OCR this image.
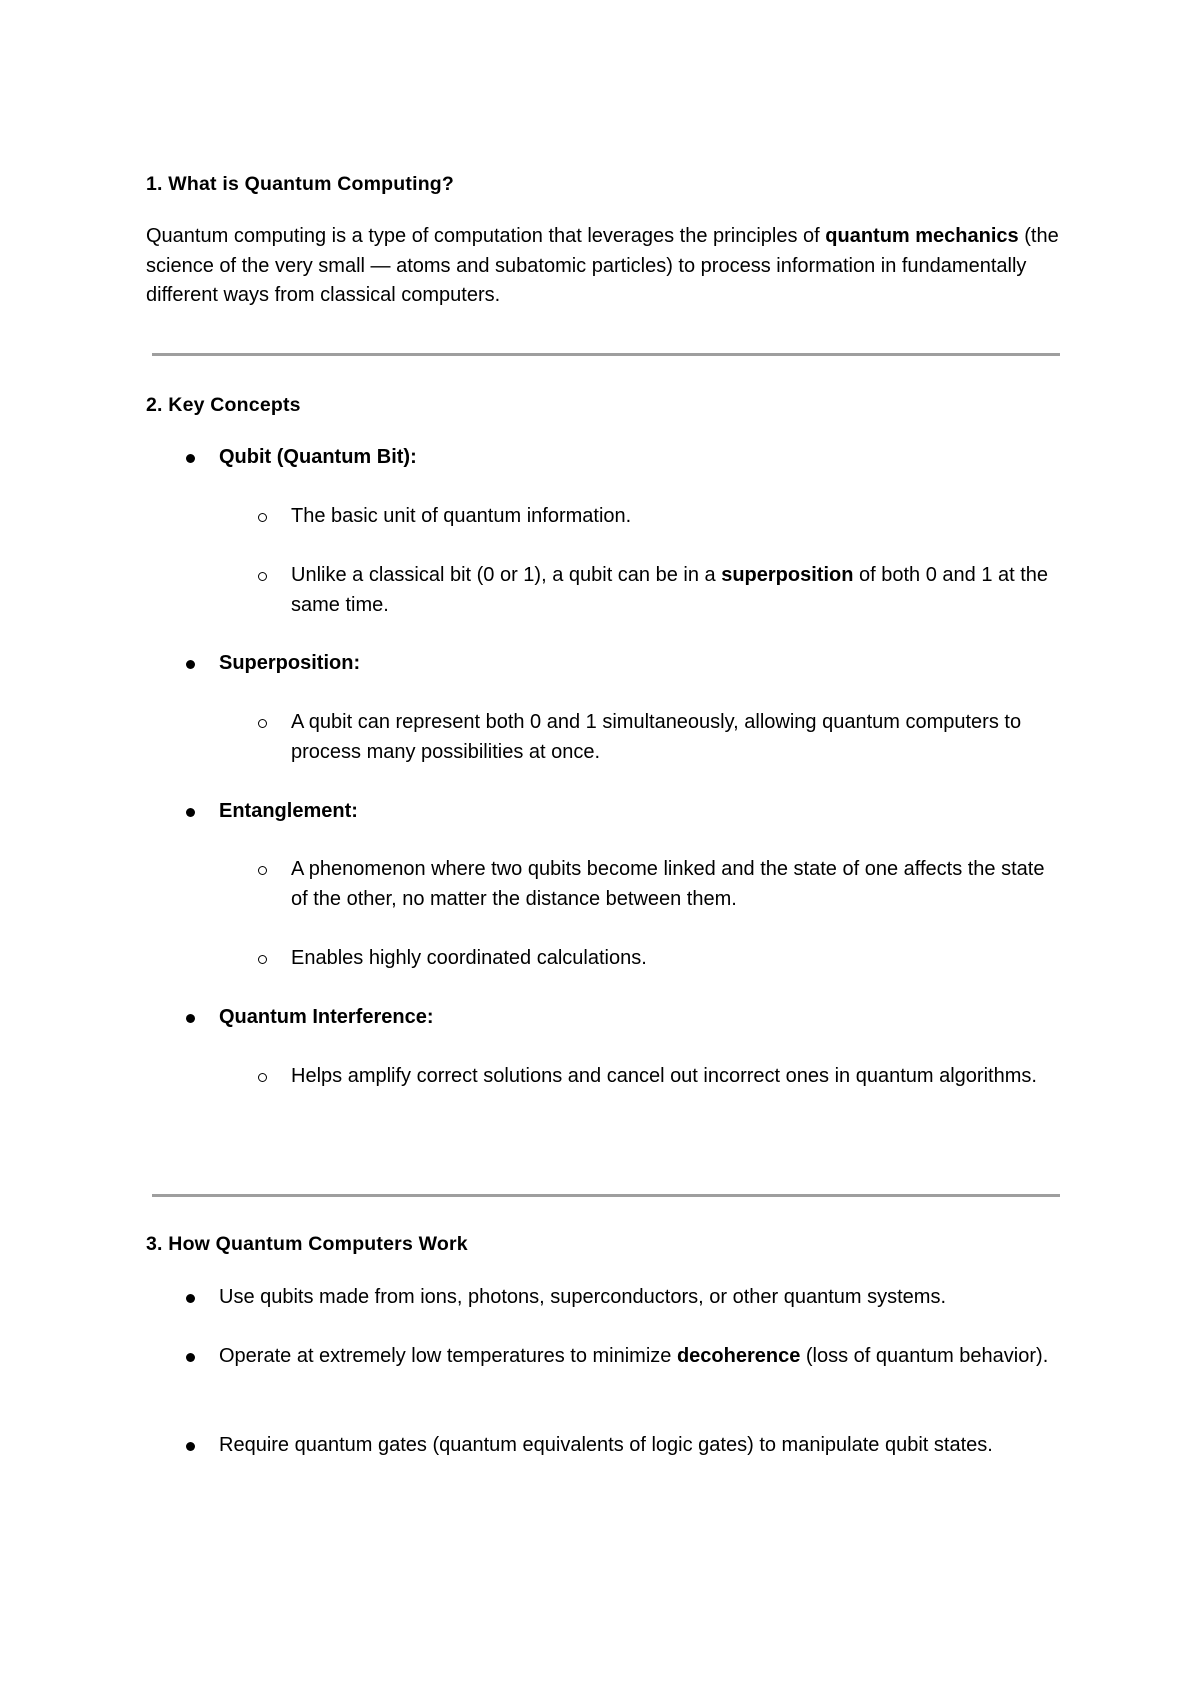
1. What is Quantum Computing?

Quantum computing is a type of computation that leverages the principles of quantum mechanics (the science of the very small — atoms and subatomic particles) to process information in fundamentally different ways from classical computers.

2. Key Concepts

Qubit (Quantum Bit):
The basic unit of quantum information.
Unlike a classical bit (0 or 1), a qubit can be in a superposition of both 0 and 1 at the same time.
Superposition:
A qubit can represent both 0 and 1 simultaneously, allowing quantum computers to process many possibilities at once.
Entanglement:
A phenomenon where two qubits become linked and the state of one affects the state of the other, no matter the distance between them.
Enables highly coordinated calculations.
Quantum Interference:
Helps amplify correct solutions and cancel out incorrect ones in quantum algorithms.

3. How Quantum Computers Work

Use qubits made from ions, photons, superconductors, or other quantum systems.
Operate at extremely low temperatures to minimize decoherence (loss of quantum behavior).
Require quantum gates (quantum equivalents of logic gates) to manipulate qubit states.
